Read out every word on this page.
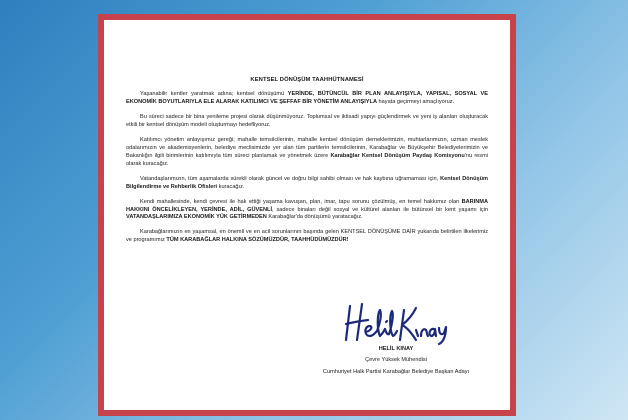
KENTSEL DÖNÜŞÜM TAAHHÜTNAMESİ
Yaşanabilir kentler yaratmak adına; kentsel dönüşümü YERİNDE, BÜTÜNCÜL BİR PLAN ANLAYIŞIYLA, YAPISAL, SOSYAL VE EKONOMİK BOYUTLARIYLA ELE ALARAK KATILIMCI VE ŞEFFAF BİR YÖNETİM ANLAYIŞIYLA hayata geçirmeyi amaçlıyoruz.
Bu süreci sadece bir bina yenileme projesi olarak düşünmüyoruz. Toplumsal ve iktisadi yapıyı güçlendirmek ve yeni iş alanları oluşturacak etkili bir kentsel dönüşüm modeli oluşturmayı hedefliyoruz.
Katılımcı yönetim anlayışımız gereği; mahalle temsilcilerinin, mahalle kentsel dönüşüm derneklerimizin, muhtarlarımızın, uzman meslek odalarımızın ve akademisyenlerin, belediye meclisimizde yer alan tüm partilerin temsilcilerinin, Karabağlar ve Büyükşehir Belediyelerimizin ve Bakanlığın ilgili birimlerinin katılımıyla tüm süreci planlamak ve yönetmek üzere Karabağlar Kentsel Dönüşüm Paydaş Komisyonu'nu resmi olarak kuracağız.
Vatandaşlarımızın, tüm aşamalarda sürekli olarak güncel ve doğru bilgi sahibi olması ve hak kaybına uğramaması için, Kentsel Dönüşüm Bilgilendirme ve Rehberlik Ofisleri kuracağız.
Kendi mahallesinde, kendi çevresi ile hak ettiği yaşama kavuşan, plan, imar, tapu sorunu çözülmüş, en temel hakkımız olan BARINMA HAKKINI ÖNCELİKLEYEN, YERİNDE, ADİL, GÜVENLİ, sadece binaları değil sosyal ve kültürel alanları ile bütünsel bir kent yaşamı için VATANDAŞLARIMIZA EKONOMİK YÜK GETİRMEDEN Karabağlar'da dönüşümü yaratacağız.
Karabağlarımızın en yaşamsal, en önemli ve en acil sorunlarının başında gelen KENTSEL DÖNÜŞÜME DAİR yukarıda belirtilen ilkelerimiz ve programımız TÜM KARABAĞLAR HALKINA SÖZÜMÜZDÜR, TAAHHÜDÜMÜZDÜR!
HELİL KINAY
Çevre Yüksek Mühendisi
Cumhuriyet Halk Partisi Karabağlar Belediye Başkan Adayı
